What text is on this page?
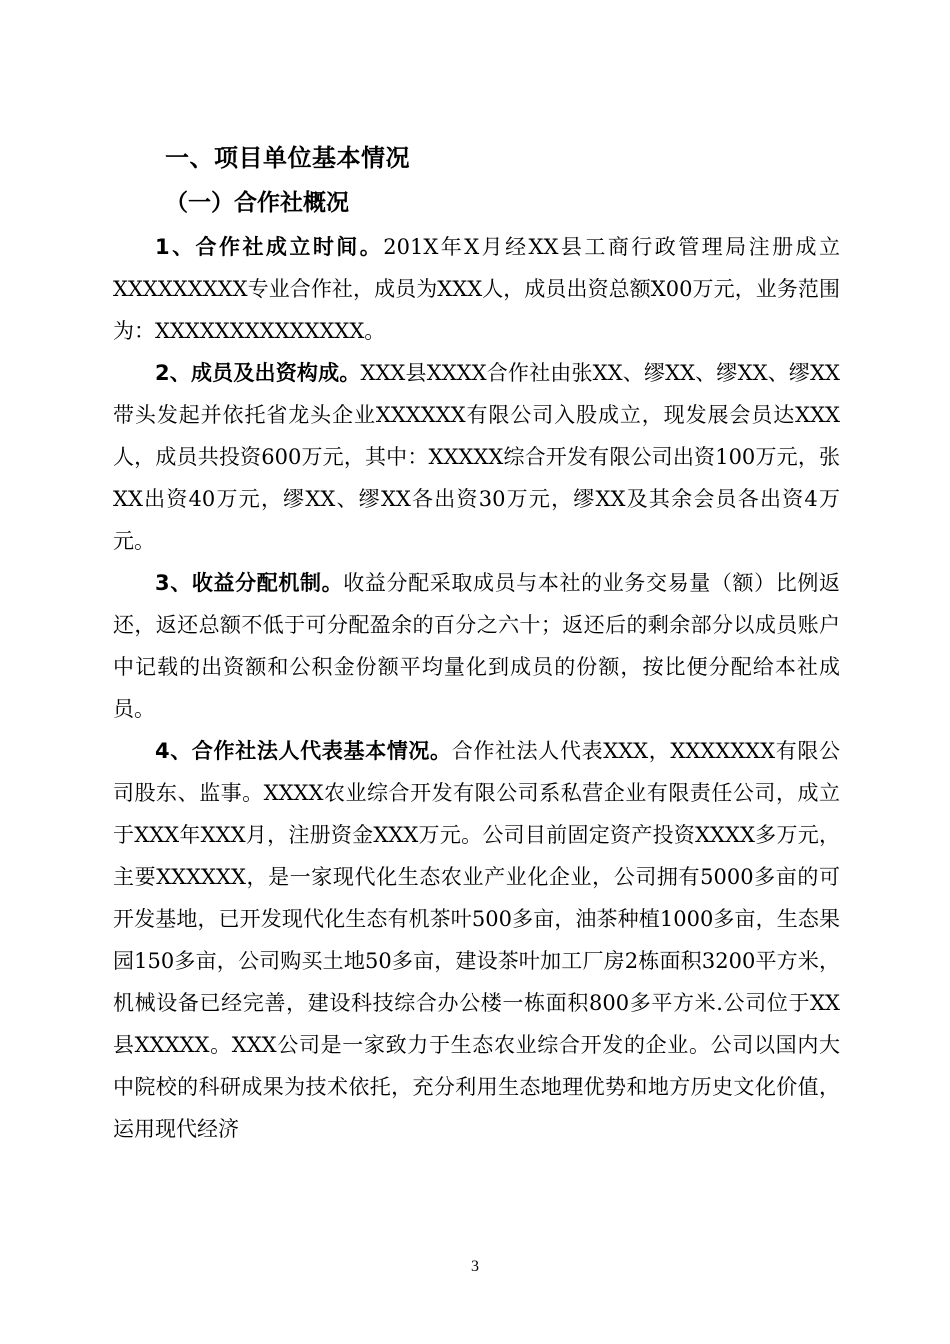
一、项目单位基本情况
（一）合作社概况

1、合作社成立时间。201X年X月经XX县工商行政管理局注册成立XXXXXXXXX专业合作社，成员为XXX人，成员出资总额X00万元，业务范围为：XXXXXXXXXXXXXX。

2、成员及出资构成。XXX县XXXX合作社由张XX、缪XX、缪XX、缪XX带头发起并依托省龙头企业XXXXXX有限公司入股成立，现发展会员达XXX人，成员共投资600万元，其中：XXXXX综合开发有限公司出资100万元，张XX出资40万元，缪XX、缪XX各出资30万元，缪XX及其余会员各出资4万元。

3、收益分配机制。收益分配采取成员与本社的业务交易量（额）比例返还，返还总额不低于可分配盈余的百分之六十；返还后的剩余部分以成员账户中记载的出资额和公积金份额平均量化到成员的份额，按比便分配给本社成员。

4、合作社法人代表基本情况。合作社法人代表XXX，XXXXXXX有限公司股东、监事。XXXX农业综合开发有限公司系私营企业有限责任公司，成立于XXX年XXX月，注册资金XXX万元。公司目前固定资产投资XXXX多万元，主要XXXXXX，是一家现代化生态农业产业化企业，公司拥有5000多亩的可开发基地，已开发现代化生态有机茶叶500多亩，油茶种植1000多亩，生态果园150多亩，公司购买土地50多亩，建设茶叶加工厂房2栋面积3200平方米，机械设备已经完善，建设科技综合办公楼一栋面积800多平方米.公司位于XX县XXXXX。XXX公司是一家致力于生态农业综合开发的企业。公司以国内大中院校的科研成果为技术依托，充分利用生态地理优势和地方历史文化价值，运用现代经济

3
